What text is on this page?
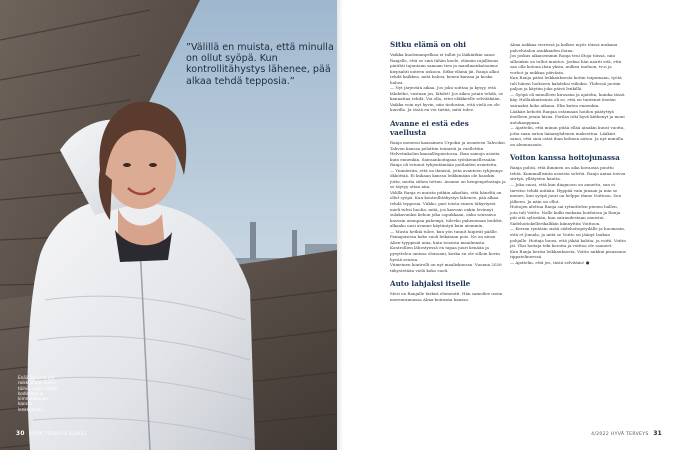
”Välillä en muista, että minulla on ollut syöpä. Kun kontrollitähystys lähenee, pää alkaa tehdä tepposia.”
Enää Ranja ei jää roikkumaan ilpiksi töihin, vaan nauttii kodistaan ja kimmaltavaan kanssa lenkkeilystä.
30 HYVÄ TERVEYS 4/2022
Sitku elämä on ohi

Vaikka kuolemanpelkoa ei tullut ja lääkärikin sanoi Ranjalle, että se sinä tähän kuole, elämän rajallisuus pärähti tajuntaan samaan tien ja maailmankatsomus kiepsahti uuteen uskoon. Sitku-elämä jäi. Ranja alkoi tehdä kaikkea, mitä halusi, kenen kanssa ja koska halusi.

— Nyt järjestän aikaa. Jos joku soittaa ja kysyy, että lähdetkö, vastaan jos, lähdet! Jos aikoo jotain tehdä, se kannattaa tehdä. Voi olla, ettei eläkkeelle selvitäkään. Vaikka voin nyt hyvin, niin tiedostan, että vielä en ole kuivilla. Ja tästä en voi tietää, mitä tulee.

Avanne ei estä edes vaellusta

Ranja menessi kaasaimen Urpoksi ja avanteen Tahvoksi. Tahvon kanssa pelattiin tennistä ja vaellettiin Helvetinkolun kansallispuistossa. Ihan samoja asioita kuin ennenkin. Sairaanhoitajana työskennellessään Ranja oli totunut tyhjentämään potilaiden avanteita.

— Ymmärrän, että on ihmisiä, joita avanteen tyhjennys ökköttää. Ei kukaan kanssa leikkimään ole haaskin juttu, mutta siihen tottuu. Avanne on hengenpelastaja ja se täytyy ottaa niin.

Välillä Ranja ei muista pitkiin aikoihin, että häneltä on ollut syöpä. Kun kontrollitähystys lähenee, pää alkaa tehdä tepposia. Viikko, pari toista ennen tähystystä mieli tulvii huolia: mitä, jos kasvain onkin levinnyt sulakavuuksi kehon joka sopukkaan, onko seuraava kasvain aiempaa pahempi, tulevko paheneman buddot, alkaako uusi avanne käytäntyä kuin aiemmin.

— Musta hetkiä tulee, kun yön tunnit hiipivät päälle. Painajaisissa koko suoli leikataan pois. Ne on aivan Alien-tyyppisiä unia, kuin toisesta maailmasta. Kontrollien lähestyessä en tapaa juuri kenään ja pysyttelen omissa oloissani, koska en ole silloin kovin hyvää seuraa.

Viimeinen kontrolli on nyt maaliskuussa. Vuonna 2026 tähystetään vielä koko suoli.

Auto lahjaksi itselle

Meri on Ranjalle tärkeä elementti. Hän samoilee usein merenrannassa Alma-koiransa kanssa.

Alma nakkaa vieressä ja kulkee myös töissä mukana palvelutalon asukkaiden iloina.

Jos joskus aikaisemmin Ranja teui iltoja töissä, niin silloinkin on tullut muutos. Joskus hän nautti sitä, että saa olla kotona ihan yksin, nulkea tauluon, tv:n ja vorhot ja nukkua päiväsin.

Kun Ranja pääsi leikkauksesta kotiin toipumaan, työtä tuli hänen luokseen kahdeksi viikoksi. Yhdessä juotiin paljon ja käytiin joka päivä lenkillä.

— Syöpä oli minulleen kirosana ja ajatelin, kuinka tässä käy. Hullunkuriisinta oli se, että en tuntenut itseäni sairaaksi koko aikana. Elin kuten ennenkin.

Lääkäri kehotti Ranjaa ostamaan hoidon päätyttyä itselleen jotain kivaa. Porilas teki hyvä kiitkenyt ja meni autokauppaan.

— Ajattelin, että minun pitää ellää ainakin kuusi vuotta, jotta saan auton lainanyhdenen maksettua. Lääkäri sanoi, että sinä ostat ihan kolmen auton. Ja nyt minulla on alennusauto.

Voiton kanssa hoitojunassa

Ranja pohtii, että ihminen on aika kovaosia puuttu tehtä. Kummallisinta asioista selvitä. Ranja antaa toivoa siirtyä, yllätysten kautta.

— Joka suosi, että kun diagnoosi on annettu, sun ei tarvitse tehdä mitään. Hyppää vain junaan ja niin se menee, kun syöpä juuri on helppo tänne Voittoon. Sen jälkeen. Ja näin on ollut.

Hoitojen alettua Ranja sai rytmittelen pienen hallen, jota tuli Voitto. Nalle kulki mukana hoidoissa ja Ranja piti sitä sylissään, kun sairaudestaan onnistui. Sädehoitokellerikallikin kiinnyttiin Voittoon.

— Kerran ryntäsin sisää sädehoitopöydälle ja huomasin, että et Jumala, ja mitä se Voitto on jäänyt laukun pohjalle. Hoitaja huusi, että jäkää kahtia, ja voitti. Voitto jäi. Yksi hoitaja teki koroita ja voittoa ole saaneet.

Kun Ranja heräsi leikkauksesta, Voitto nukkui pisuasuus tippatelineessä.

— Ajattelin, että jes, tästä selvitään! ●

4/2022 HYVÄ TERVEYS 31
